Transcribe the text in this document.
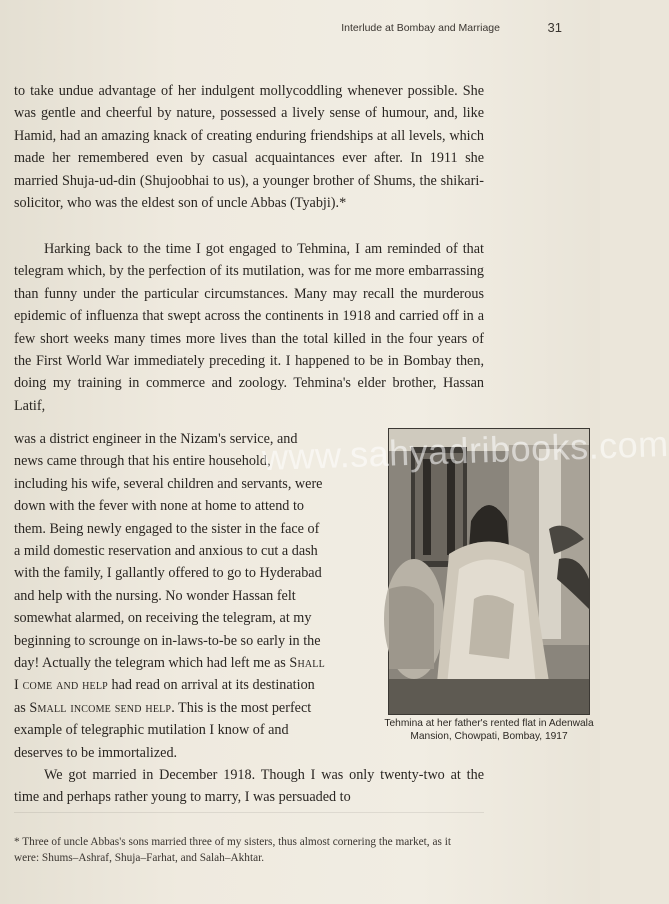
Interlude at Bombay and Marriage	31

to take undue advantage of her indulgent mollycoddling whenever possible. She was gentle and cheerful by nature, possessed a lively sense of humour, and, like Hamid, had an amazing knack of creating enduring friendships at all levels, which made her remembered even by casual acquaintances ever after. In 1911 she married Shuja-ud-din (Shujoobhai to us), a younger brother of Shums, the shikari-solicitor, who was the eldest son of uncle Abbas (Tyabji).*

Harking back to the time I got engaged to Tehmina, I am reminded of that telegram which, by the perfection of its mutilation, was for me more embarrassing than funny under the particular circumstances. Many may recall the murderous epidemic of influenza that swept across the continents in 1918 and carried off in a few short weeks many times more lives than the total killed in the four years of the First World War immediately preceding it. I happened to be in Bombay then, doing my training in commerce and zoology. Tehmina's elder brother, Hassan Latif,

was a district engineer in the Nizam's service, and
news came through that his entire household,
including his wife, several children and servants, were
down with the fever with none at home to attend to
them. Being newly engaged to the sister in the face of
a mild domestic reservation and anxious to cut a dash
with the family, I gallantly offered to go to Hyderabad
and help with the nursing. No wonder Hassan felt
somewhat alarmed, on receiving the telegram, at my
beginning to scrounge on in-laws-to-be so early in the
day! Actually the telegram which had left me as Shall
I come and help had read on arrival at its destination
as Small income send help. This is the most perfect
example of telegraphic mutilation I know of and
deserves to be immortalized.
www.sahyadribooks.com
Tehmina at her father's rented flat in Adenwala Mansion, Chowpati, Bombay, 1917

We got married in December 1918. Though I was only twenty-two at the time and perhaps rather young to marry, I was persuaded to

* Three of uncle Abbas's sons married three of my sisters, thus almost cornering the market, as it were: Shums–Ashraf, Shuja–Farhat, and Salah–Akhtar.
